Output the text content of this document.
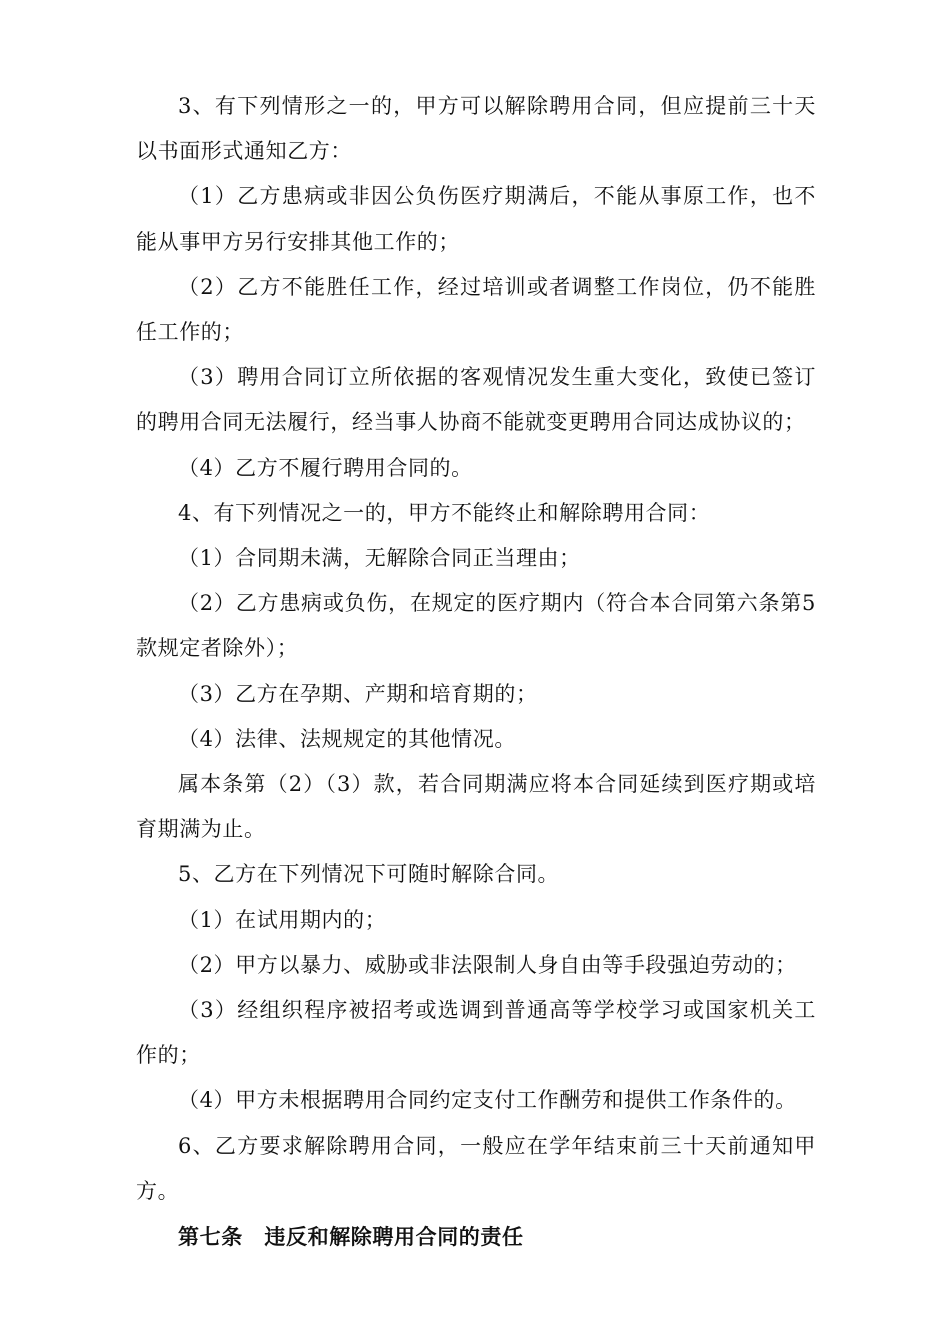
3、有下列情形之一的，甲方可以解除聘用合同，但应提前三十天以书面形式通知乙方：

（1）乙方患病或非因公负伤医疗期满后，不能从事原工作，也不能从事甲方另行安排其他工作的；

（2）乙方不能胜任工作，经过培训或者调整工作岗位，仍不能胜任工作的；

（3）聘用合同订立所依据的客观情况发生重大变化，致使已签订的聘用合同无法履行，经当事人协商不能就变更聘用合同达成协议的；

（4）乙方不履行聘用合同的。

4、有下列情况之一的，甲方不能终止和解除聘用合同：

（1）合同期未满，无解除合同正当理由；

（2）乙方患病或负伤，在规定的医疗期内（符合本合同第六条第5款规定者除外）；

（3）乙方在孕期、产期和培育期的；

（4）法律、法规规定的其他情况。

属本条第（2）（3）款，若合同期满应将本合同延续到医疗期或培育期满为止。

5、乙方在下列情况下可随时解除合同。

（1）在试用期内的；

（2）甲方以暴力、威胁或非法限制人身自由等手段强迫劳动的；

（3）经组织程序被招考或选调到普通高等学校学习或国家机关工作的；

（4）甲方未根据聘用合同约定支付工作酬劳和提供工作条件的。

6、乙方要求解除聘用合同，一般应在学年结束前三十天前通知甲方。

第七条　违反和解除聘用合同的责任
